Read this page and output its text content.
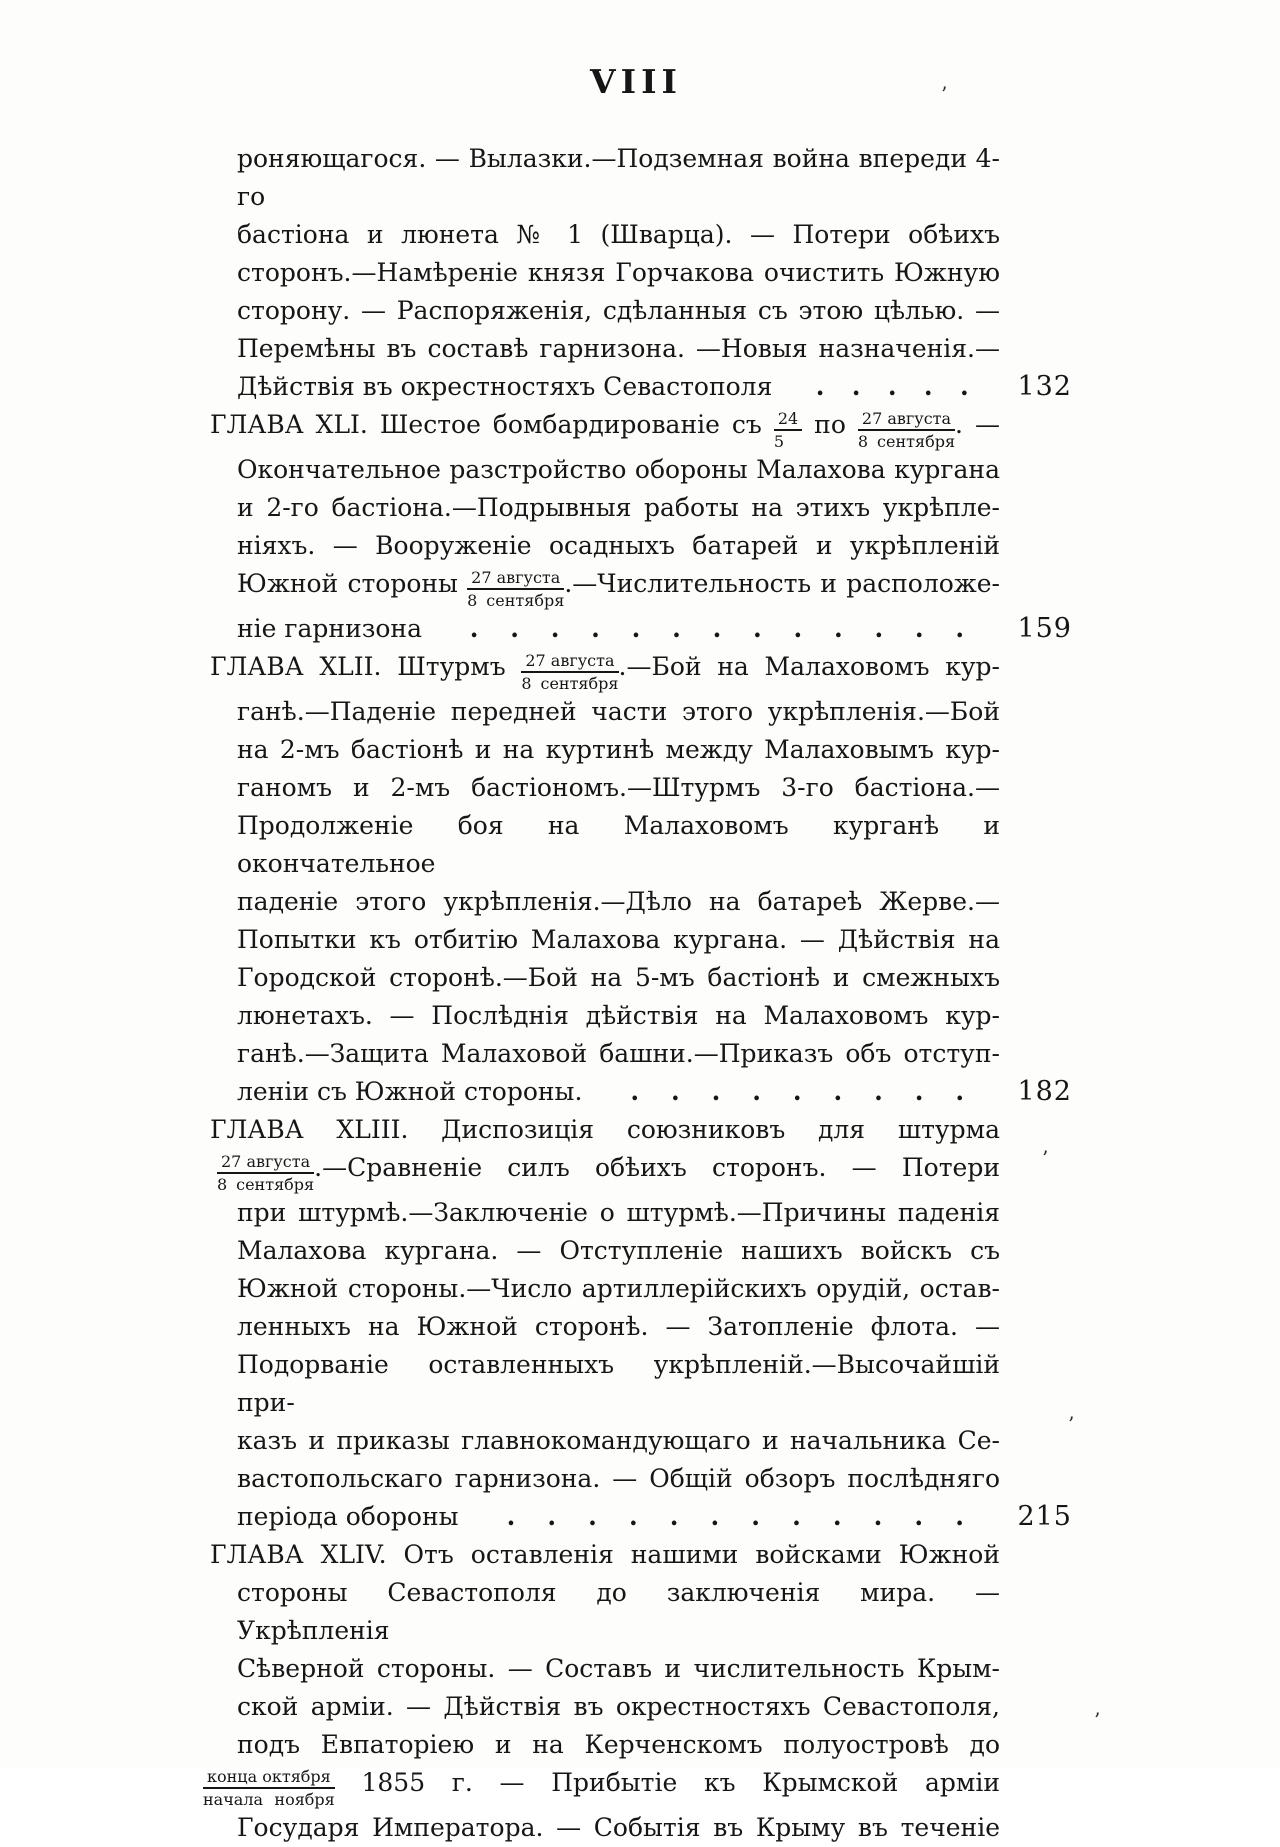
VIII
роняющагося. — Вылазки.—Подземная война впереди 4-го
бастіона и люнета № 1 (Шварца). — Потери обѣихъ
сторонъ.—Намѣреніе князя Горчакова очистить Южную
сторону. — Распоряженія, сдѣланныя съ этою цѣлью. —
Перемѣны въ составѣ гарнизона. —Новыя назначенія.—
Дѣйствія въ окрестностяхъ Севастополя . . . . . 132
ГЛАВА XLI. Шестое бомбардированіе съ $\frac{24}{5}$ по $\frac{\text{27 августа}}{\text{8 сентября}}$ . —
Окончательное разстройство обороны Малахова кургана
и 2-го бастіона.—Подрывныя работы на этихъ укрѣпле-
ніяхъ. — Вооруженіе осадныхъ батарей и укрѣпленій
Южной стороны $\frac{\text{27 августа}}{\text{8 сентября}}$ .—Числительность и расположе-
ніе гарнизона . . . . . . . . . . . . . 159
ГЛАВА XLII. Штурмъ $\frac{\text{27 августа}}{\text{8 сентября}}$ .—Бой на Малаховомъ кур-
ганѣ.—Паденіе передней части этого укрѣпленія.—Бой
на 2-мъ бастіонѣ и на куртинѣ между Малаховымъ кур-
ганомъ и 2-мъ бастіономъ.—Штурмъ 3-го бастіона.—
Продолженіе боя на Малаховомъ курганѣ и окончательное
паденіе этого укрѣпленія.—Дѣло на батареѣ Жерве.—
Попытки къ отбитію Малахова кургана. — Дѣйствія на
Городской сторонѣ.—Бой на 5-мъ бастіонѣ и смежныхъ
люнетахъ. — Послѣднія дѣйствія на Малаховомъ кур-
ганѣ.—Защита Малаховой башни.—Приказъ объ отступ-
леніи съ Южной стороны. . . . . . . . . . 182
ГЛАВА XLIII. Диспозиція союзниковъ для штурма
$\frac{\text{27 августа}}{\text{8 сентября}}$ .—Сравненіе силъ обѣихъ сторонъ. — Потери
при штурмѣ.—Заключеніе о штурмѣ.—Причины паденія
Малахова кургана. — Отступленіе нашихъ войскъ съ
Южной стороны.—Число артиллерійскихъ орудій, остав-
ленныхъ на Южной сторонѣ. — Затопленіе флота. —
Подорваніе оставленныхъ укрѣпленій.—Высочайшій при-
казъ и приказы главнокомандующаго и начальника Се-
вастопольскаго гарнизона. — Общій обзоръ послѣдняго
періода обороны . . . . . . . . . . . . 215
ГЛАВА XLIV. Отъ оставленія нашими войсками Южной
стороны Севастополя до заключенія мира. — Укрѣпленія
Сѣверной стороны. — Составъ и числительность Крым-
ской арміи. — Дѣйствія въ окрестностяхъ Севастополя,
подъ Евпаторіею и на Керченскомъ полуостровѣ до
$\frac{\text{конца октября}}{\text{начала ноября}} 1855$ г. — Прибытіе къ Крымской арміи
Государя Императора. — Событія въ Крыму въ теченіе
’
’
’
’
